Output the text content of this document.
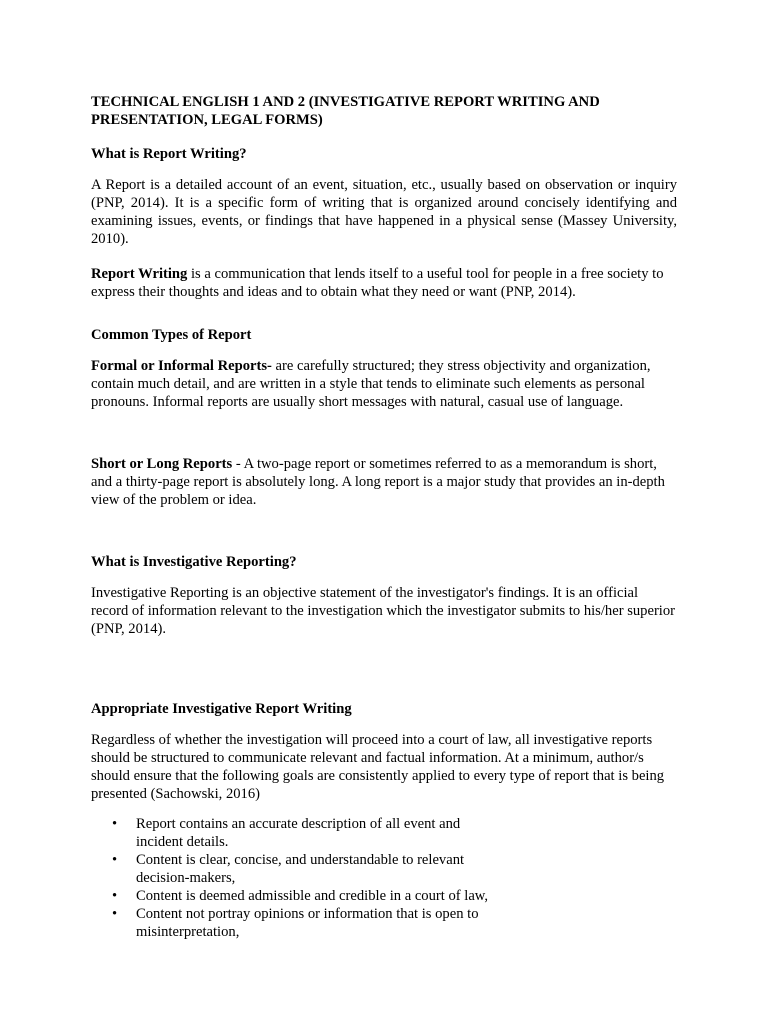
TECHNICAL ENGLISH 1 AND 2 (INVESTIGATIVE REPORT WRITING AND PRESENTATION, LEGAL FORMS)
What is Report Writing?

A Report is a detailed account of an event, situation, etc., usually based on observation or inquiry (PNP, 2014). It is a specific form of writing that is organized around concisely identifying and examining issues, events, or findings that have happened in a physical sense (Massey University, 2010).

Report Writing is a communication that lends itself to a useful tool for people in a free society to express their thoughts and ideas and to obtain what they need or want (PNP, 2014).

Common Types of Report

Formal or Informal Reports- are carefully structured; they stress objectivity and organization, contain much detail, and are written in a style that tends to eliminate such elements as personal pronouns. Informal reports are usually short messages with natural, casual use of language.

Short or Long Reports - A two-page report or sometimes referred to as a memorandum is short, and a thirty-page report is absolutely long. A long report is a major study that provides an in-depth view of the problem or idea.

What is Investigative Reporting?

Investigative Reporting is an objective statement of the investigator's findings. It is an official record of information relevant to the investigation which the investigator submits to his/her superior (PNP, 2014).

Appropriate Investigative Report Writing

Regardless of whether the investigation will proceed into a court of law, all investigative reports should be structured to communicate relevant and factual information. At a minimum, author/s should ensure that the following goals are consistently applied to every type of report that is being presented (Sachowski, 2016)

• Report contains an accurate description of all event and incident details.
• Content is clear, concise, and understandable to relevant decision-makers,
• Content is deemed admissible and credible in a court of law,
• Content not portray opinions or information that is open to misinterpretation,
